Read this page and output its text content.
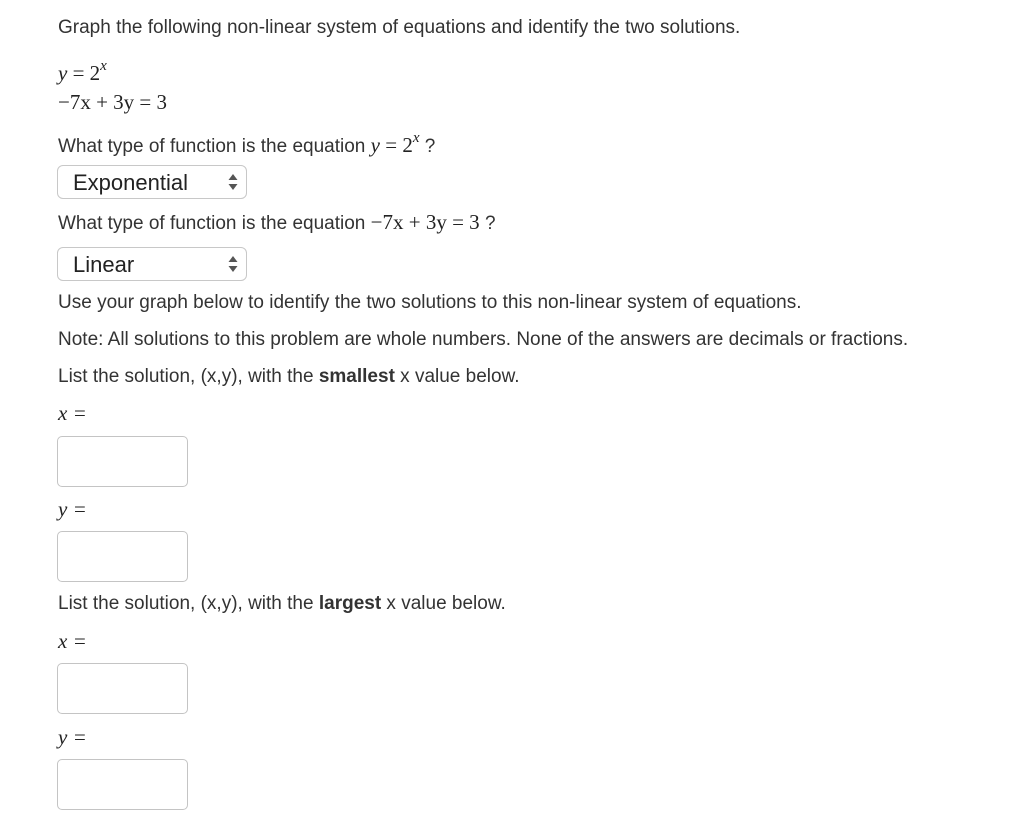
Graph the following non-linear system of equations and identify the two solutions.
$y = 2^x$
−7x + 3y = 3
What type of function is the equation $y = 2^x$ ?
Exponential
What type of function is the equation −7x + 3y = 3 ?
Linear
Use your graph below to identify the two solutions to this non-linear system of equations.
Note: All solutions to this problem are whole numbers. None of the answers are decimals or fractions.
List the solution, (x,y), with the smallest x value below.
x =
y =
List the solution, (x,y), with the largest x value below.
x =
y =
